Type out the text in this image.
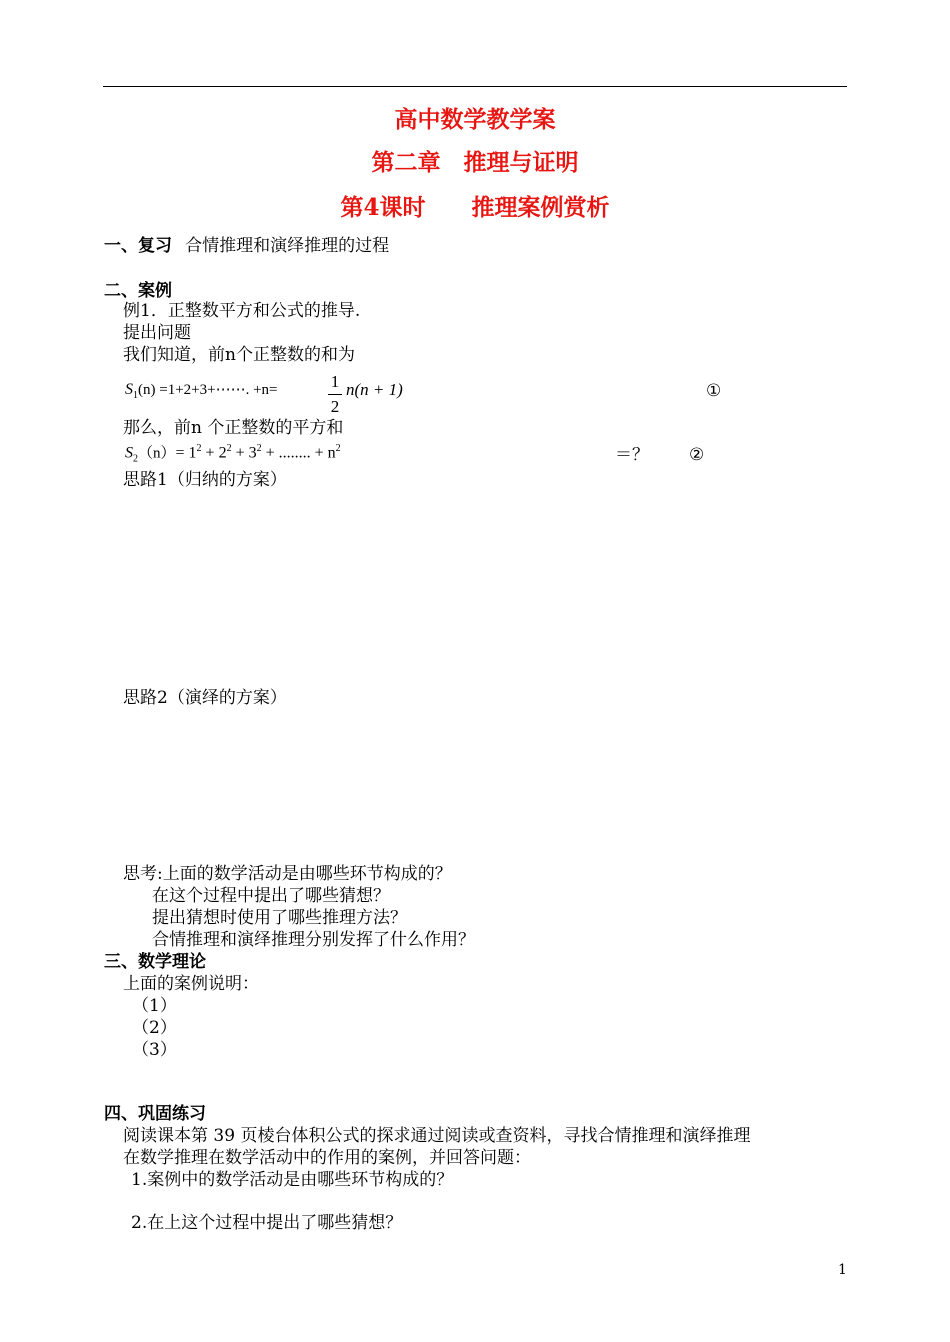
高中数学教学案
第二章　推理与证明
第4课时　　推理案例赏析
一、复习 合情推理和演绎推理的过程
二、案例
例1．正整数平方和公式的推导.
提出问题
我们知道，前n个正整数的和为
$S_1(n)$ =1+2+3+⋯⋯. +n=	1
2
n(n + 1)	①
那么，前n 个正整数的平方和
$S_2(n)= 1^2 + 2^2 + 3^2$ + ........ + $n^2$	＝？ ②
思路1（归纳的方案）
思路2（演绎的方案）
思考:上面的数学活动是由哪些环节构成的？
在这个过程中提出了哪些猜想？
提出猜想时使用了哪些推理方法？
合情推理和演绎推理分别发挥了什么作用？
三、数学理论
上面的案例说明：
（1）
（2）
（3）
四、巩固练习
阅读课本第 39 页棱台体积公式的探求通过阅读或查资料，寻找合情推理和演绎推理
在数学推理在数学活动中的作用的案例，并回答问题：
1.案例中的数学活动是由哪些环节构成的？
2.在上这个过程中提出了哪些猜想？
1
